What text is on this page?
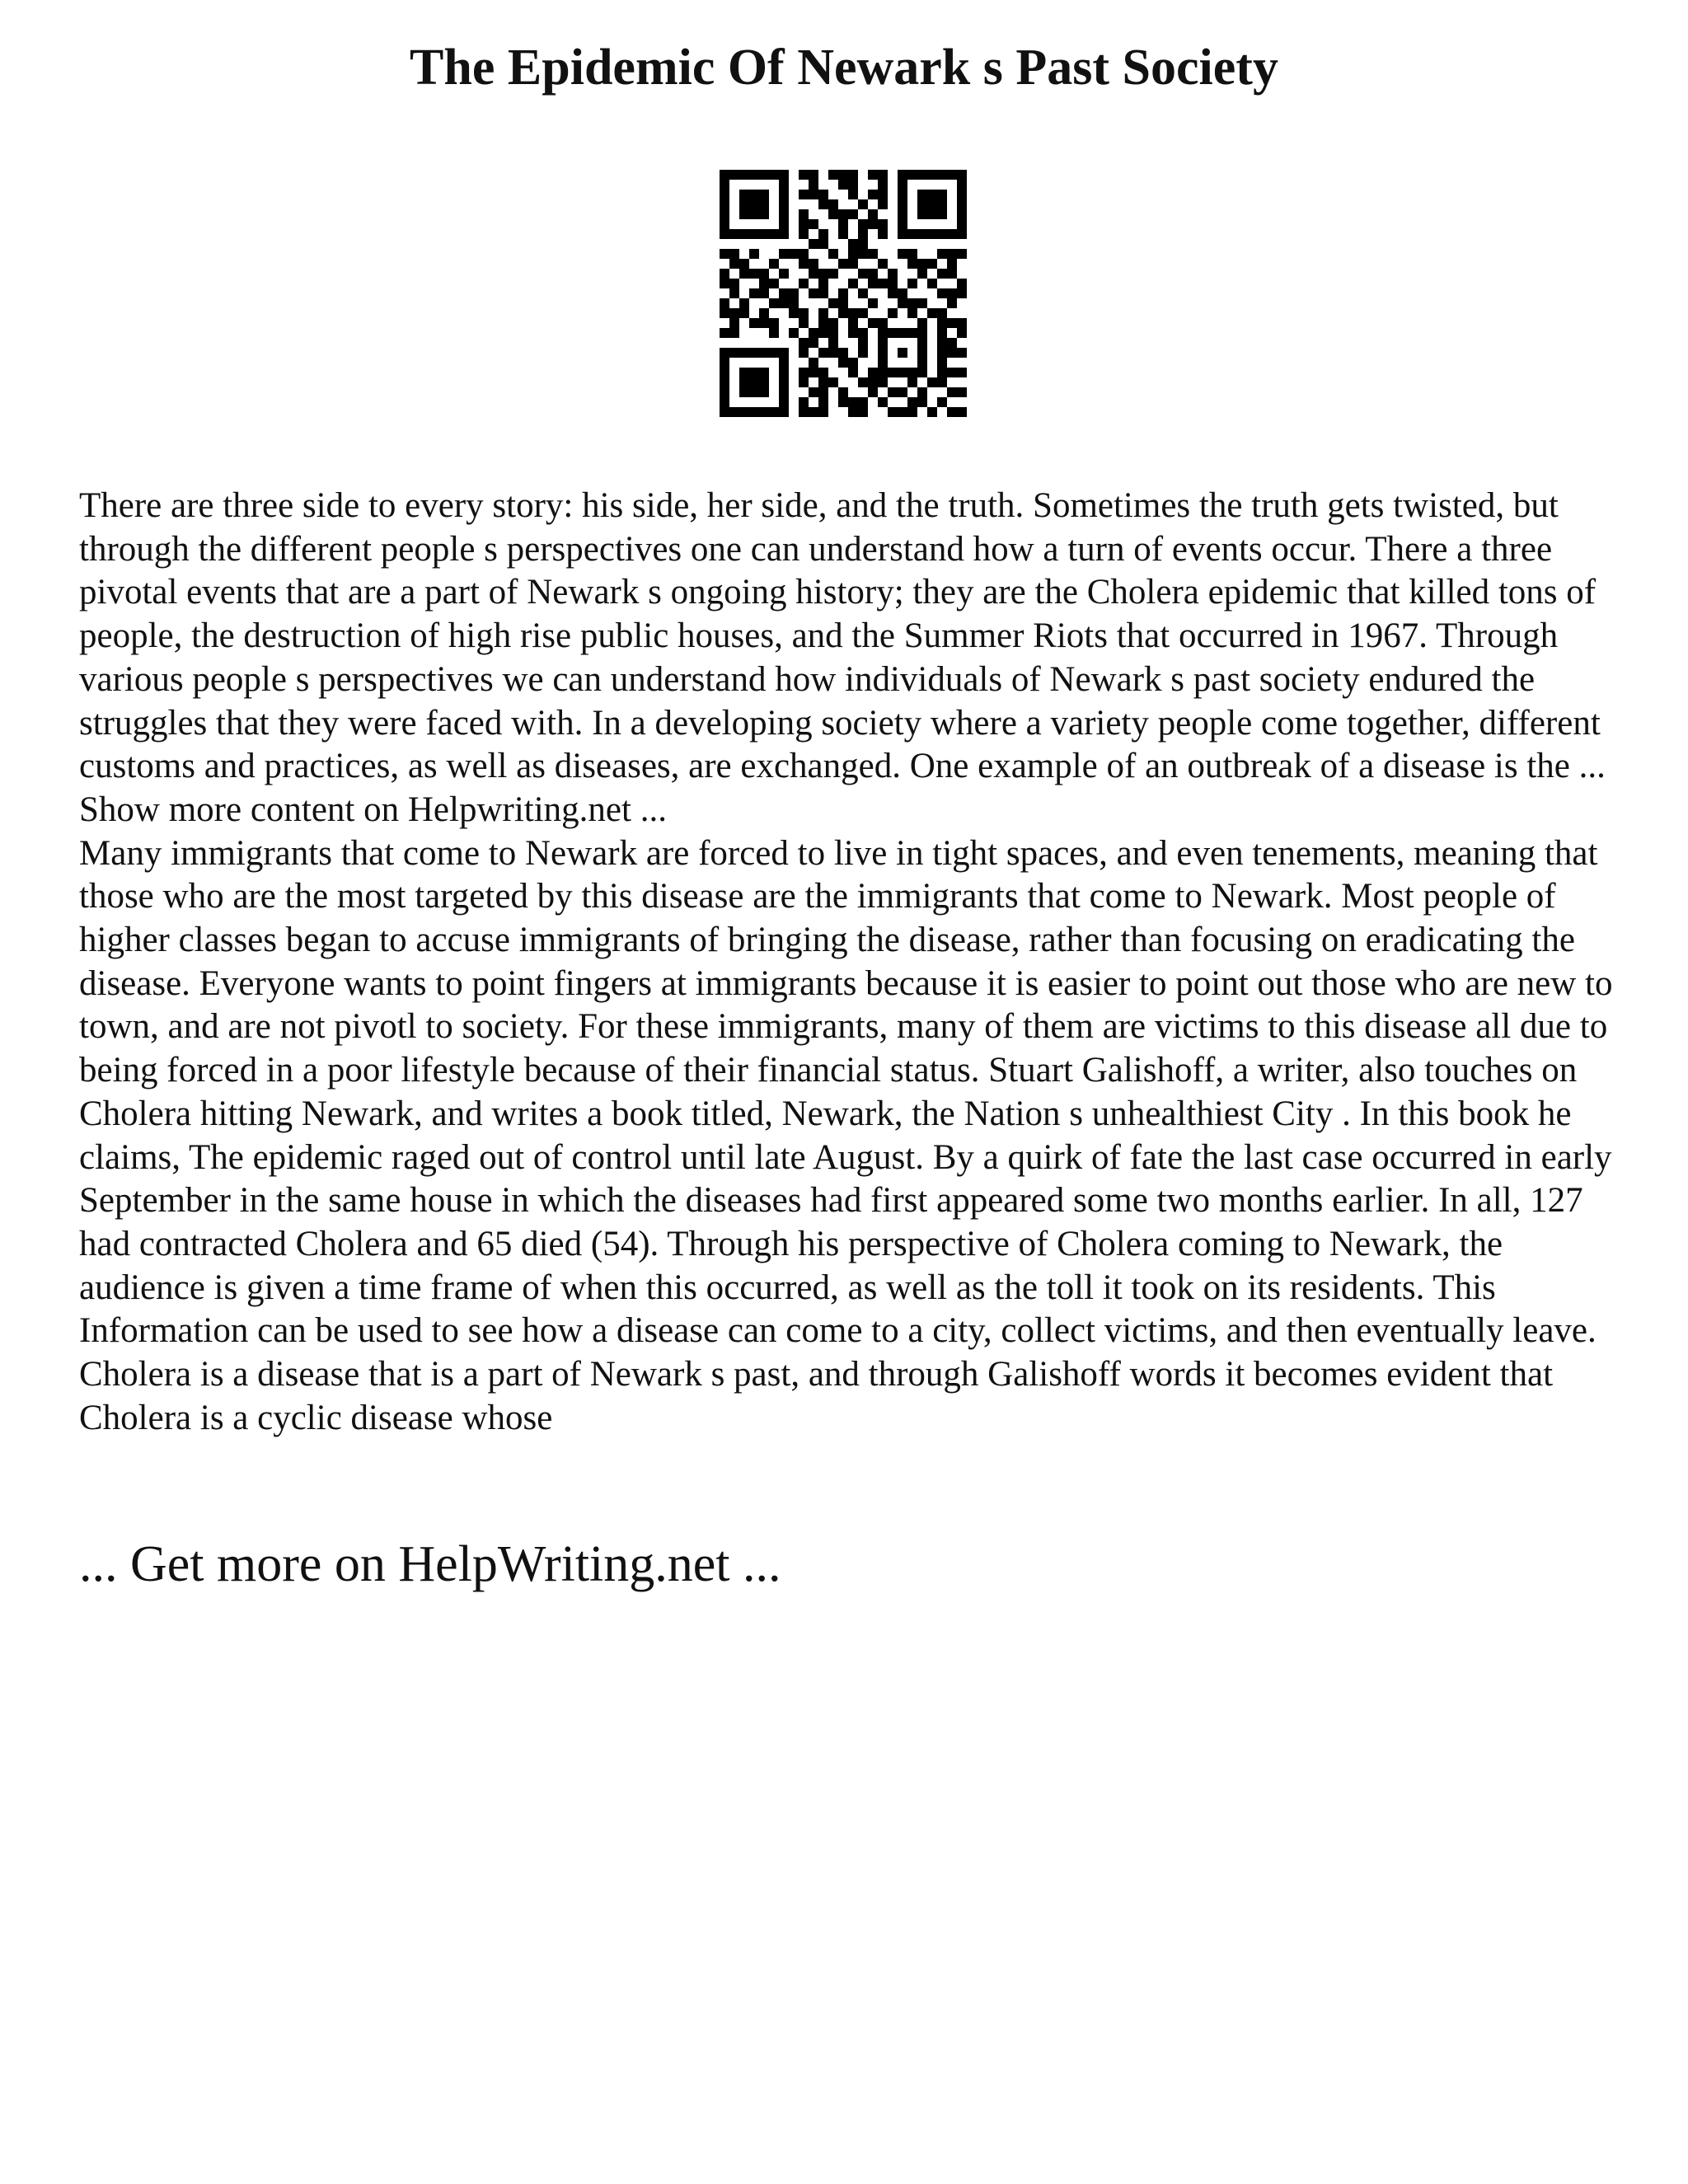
The Epidemic Of Newark s Past Society

There are three side to every story: his side, her side, and the truth. Sometimes the truth gets twisted, but through the different people s perspectives one can understand how a turn of events occur. There a three pivotal events that are a part of Newark s ongoing history; they are the Cholera epidemic that killed tons of people, the destruction of high rise public houses, and the Summer Riots that occurred in 1967. Through various people s perspectives we can understand how individuals of Newark s past society endured the struggles that they were faced with. In a developing society where a variety people come together, different customs and practices, as well as diseases, are exchanged. One example of an outbreak of a disease is the ... Show more content on Helpwriting.net ...

Many immigrants that come to Newark are forced to live in tight spaces, and even tenements, meaning that those who are the most targeted by this disease are the immigrants that come to Newark. Most people of higher classes began to accuse immigrants of bringing the disease, rather than focusing on eradicating the disease. Everyone wants to point fingers at immigrants because it is easier to point out those who are new to town, and are not pivotl to society. For these immigrants, many of them are victims to this disease all due to being forced in a poor lifestyle because of their financial status. Stuart Galishoff, a writer, also touches on Cholera hitting Newark, and writes a book titled, Newark, the Nation s unhealthiest City . In this book he claims, The epidemic raged out of control until late August. By a quirk of fate the last case occurred in early September in the same house in which the diseases had first appeared some two months earlier. In all, 127 had contracted Cholera and 65 died (54). Through his perspective of Cholera coming to Newark, the audience is given a time frame of when this occurred, as well as the toll it took on its residents. This Information can be used to see how a disease can come to a city, collect victims, and then eventually leave. Cholera is a disease that is a part of Newark s past, and through Galishoff words it becomes evident that Cholera is a cyclic disease whose

... Get more on HelpWriting.net ...
